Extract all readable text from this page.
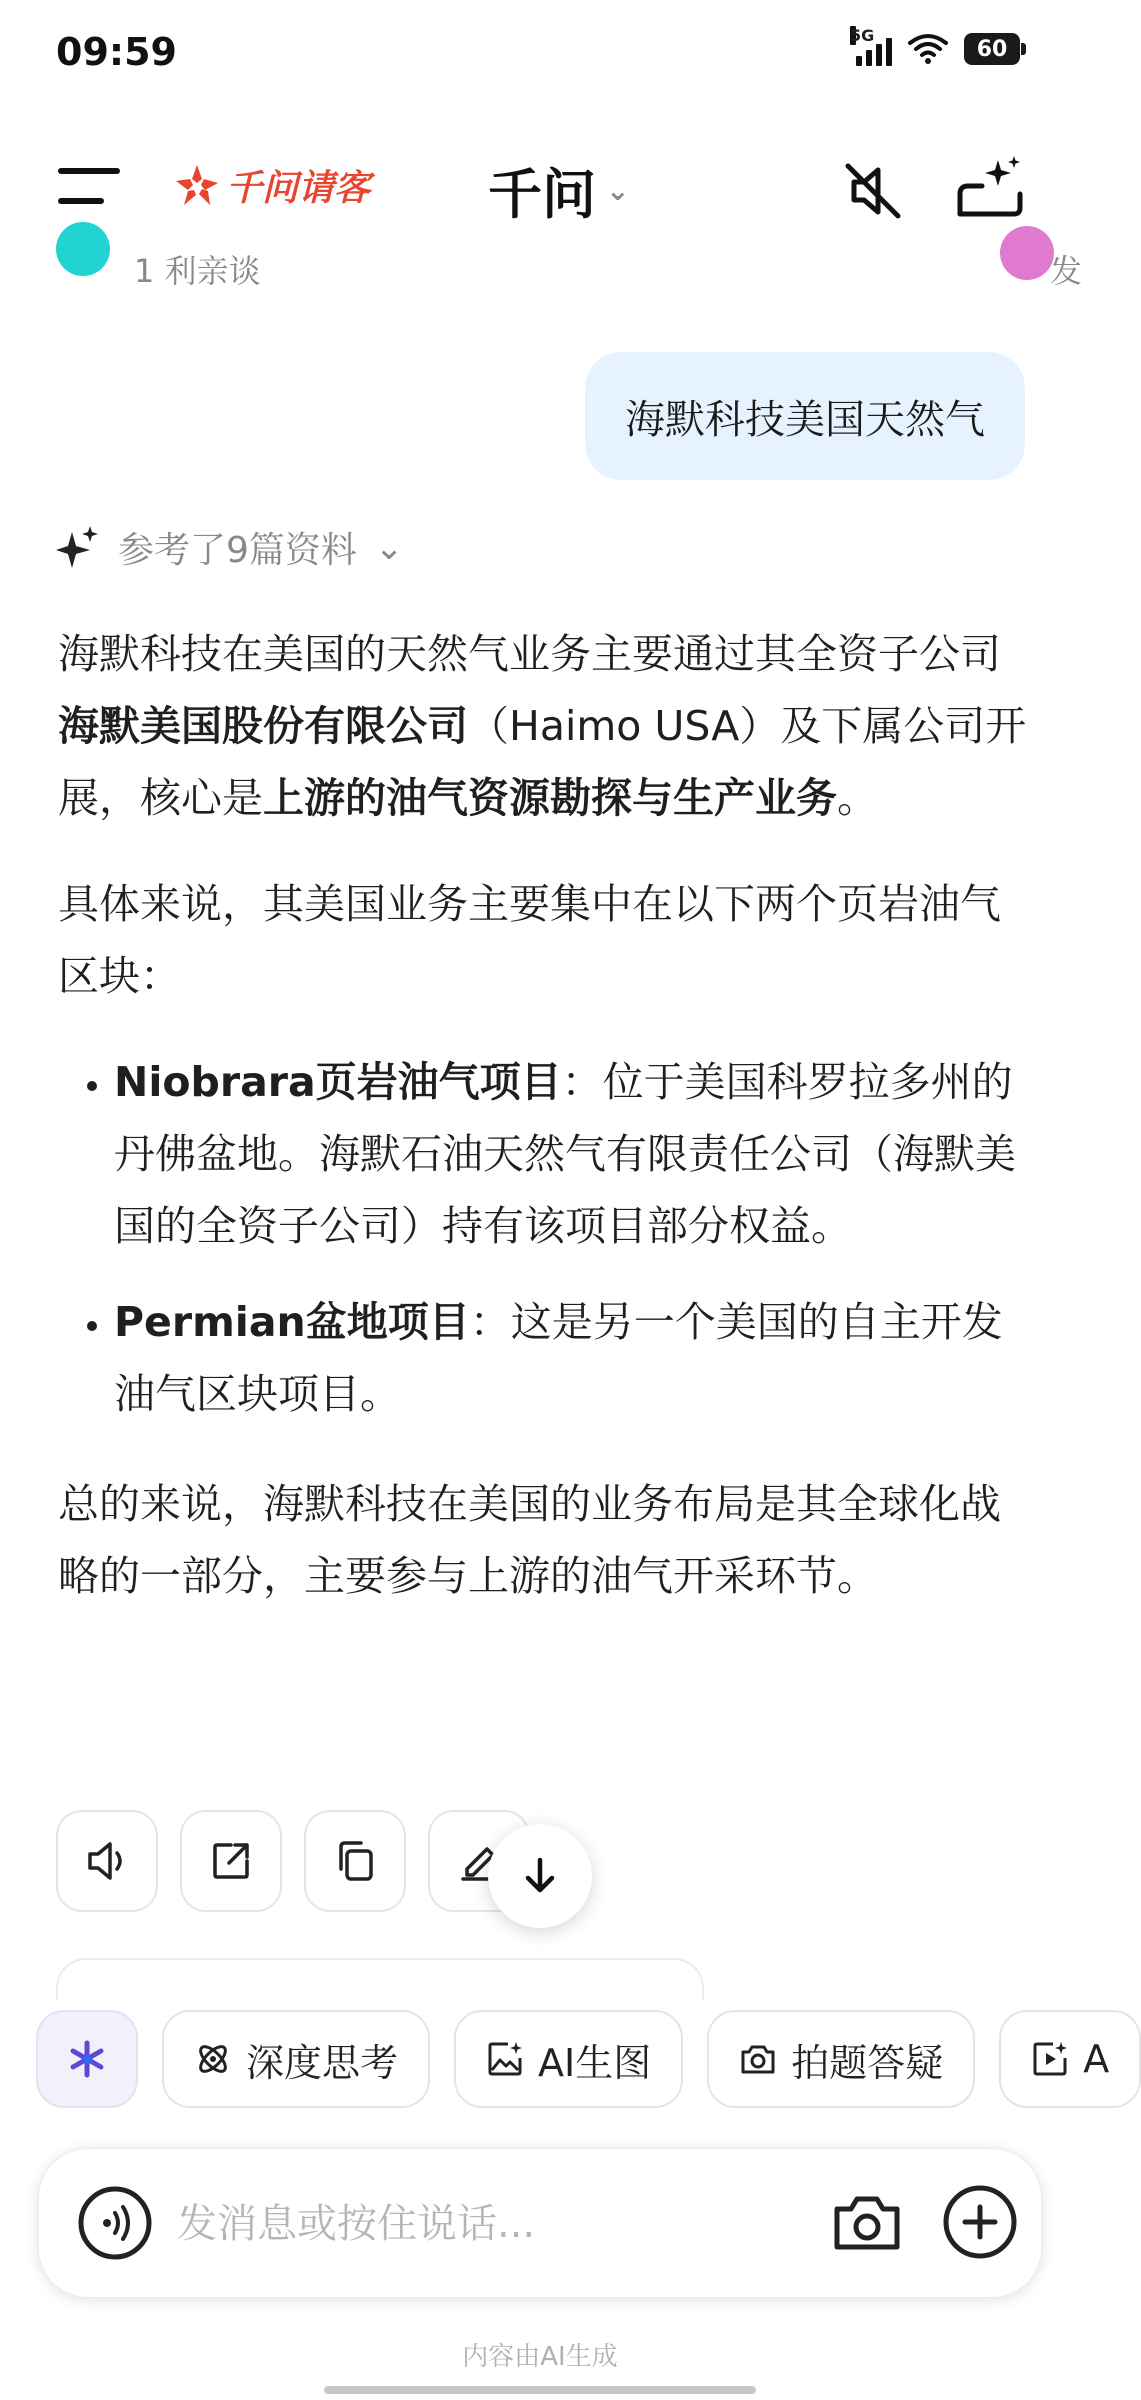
09:59	5G
60
千问请客 千问 ⌄
1 利亲谈	发
海默科技美国天然气
参考了9篇资料 ⌄

海默科技在美国的天然气业务主要通过其全资子公司海默美国股份有限公司（Haimo USA）及下属公司开展，核心是上游的油气资源勘探与生产业务。

具体来说，其美国业务主要集中在以下两个页岩油气区块：

• Niobrara页岩油气项目：位于美国科罗拉多州的丹佛盆地。海默石油天然气有限责任公司（海默美国的全资子公司）持有该项目部分权益。
• Permian盆地项目：这是另一个美国的自主开发油气区块项目。

总的来说，海默科技在美国的业务布局是其全球化战略的一部分，主要参与上游的油气开采环节。

深度思考	AI生图	拍题答疑	A
发消息或按住说话...
内容由AI生成
